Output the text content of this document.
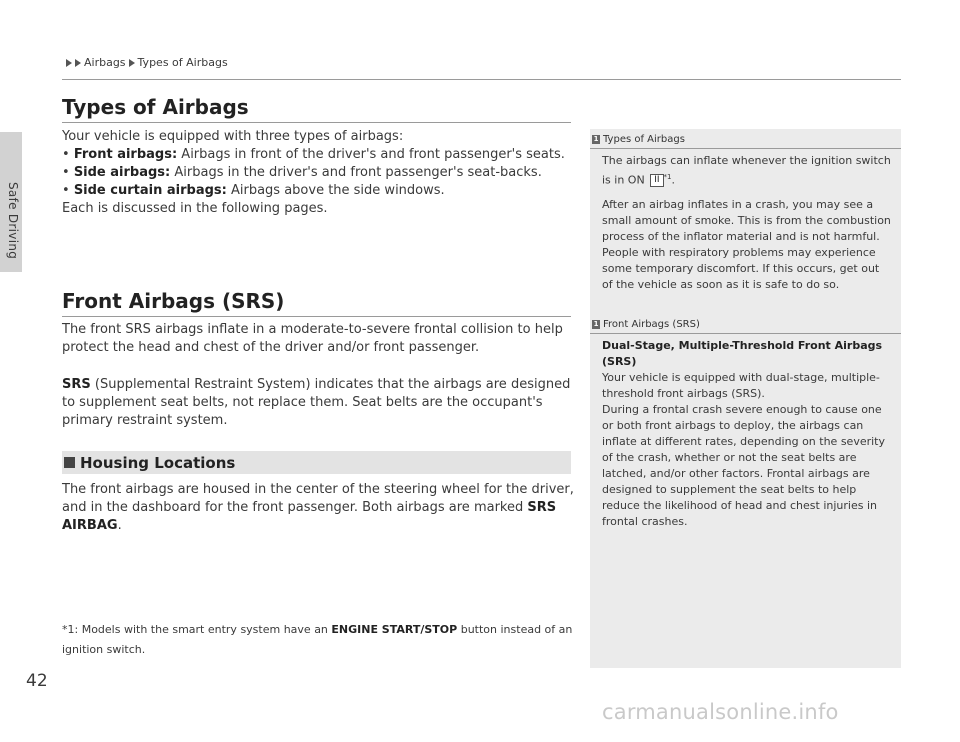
Safe Driving
42
Airbags Types of Airbags
Types of Airbags
Your vehicle is equipped with three types of airbags:
• Front airbags: Airbags in front of the driver's and front passenger's seats.
• Side airbags: Airbags in the driver's and front passenger's seat-backs.
• Side curtain airbags: Airbags above the side windows.
Each is discussed in the following pages.
Front Airbags (SRS)
The front SRS airbags inflate in a moderate-to-severe frontal collision to help protect the head and chest of the driver and/or front passenger.
SRS (Supplemental Restraint System) indicates that the airbags are designed to supplement seat belts, not replace them. Seat belts are the occupant's primary restraint system.
Housing Locations
The front airbags are housed in the center of the steering wheel for the driver, and in the dashboard for the front passenger. Both airbags are marked SRS AIRBAG.
*1: Models with the smart entry system have an ENGINE START/STOP button instead of an ignition switch.
1 Types of Airbags

The airbags can inflate whenever the ignition switch is in ON II $^{*1}$.

After an airbag inflates in a crash, you may see a small amount of smoke. This is from the combustion process of the inflator material and is not harmful. People with respiratory problems may experience some temporary discomfort. If this occurs, get out of the vehicle as soon as it is safe to do so.

1 Front Airbags (SRS)

Dual-Stage, Multiple-Threshold Front Airbags (SRS)

Your vehicle is equipped with dual-stage, multiple-threshold front airbags (SRS).

During a frontal crash severe enough to cause one or both front airbags to deploy, the airbags can inflate at different rates, depending on the severity of the crash, whether or not the seat belts are latched, and/or other factors. Frontal airbags are designed to supplement the seat belts to help reduce the likelihood of head and chest injuries in frontal crashes.

carmanualsonline.info
